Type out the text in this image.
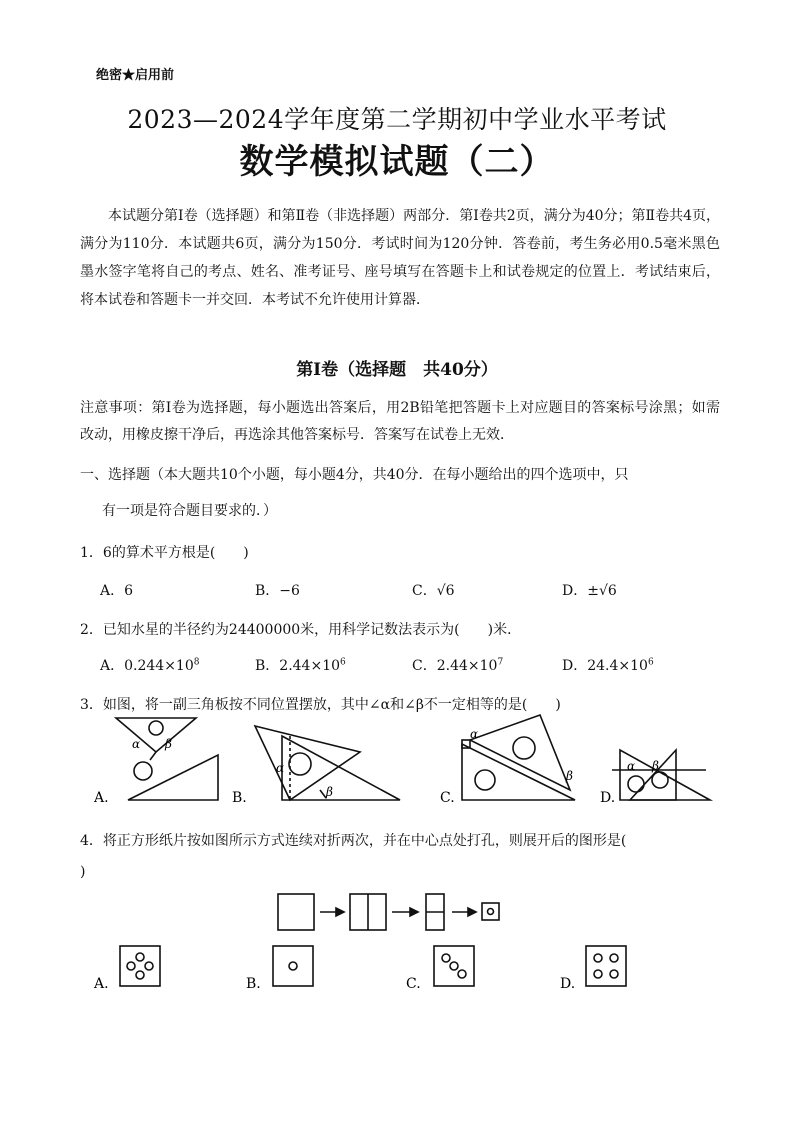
绝密★启用前
2023—2024学年度第二学期初中学业水平考试
数学模拟试题（二）
本试题分第Ⅰ卷（选择题）和第Ⅱ卷（非选择题）两部分．第Ⅰ卷共2页，满分为40分；第Ⅱ卷共4页，满分为110分．本试题共6页，满分为150分．考试时间为120分钟．答卷前，考生务必用0.5毫米黑色墨水签字笔将自己的考点、姓名、准考证号、座号填写在答题卡上和试卷规定的位置上．考试结束后，将本试卷和答题卡一并交回．本考试不允许使用计算器．
第Ⅰ卷（选择题　共40分）
注意事项：第Ⅰ卷为选择题，每小题选出答案后，用2B铅笔把答题卡上对应题目的答案标号涂黑；如需改动，用橡皮擦干净后，再选涂其他答案标号．答案写在试卷上无效．
一、选择题（本大题共10个小题，每小题4分，共40分．在每小题给出的四个选项中，只
有一项是符合题目要求的．）
1．6的算术平方根是(　　)
A．6	B．−6	C．√6	D．±√6
2．已知水星的半径约为24400000米，用科学记数法表示为(　　)米．
A．$0.244\times 10^8$	B．$2.44\times 10^6$	C．$2.44\times 10^7$	D．$24.4\times 10^6$
3．如图，将一副三角板按不同位置摆放，其中∠α和∠β不一定相等的是(　　)
α β
α
β
α
β
α β
A.	B.	C.	D.
A.	B.	C.	D.
4．将正方形纸片按如图所示方式连续对折两次，并在中心点处打孔，则展开后的图形是(
)
